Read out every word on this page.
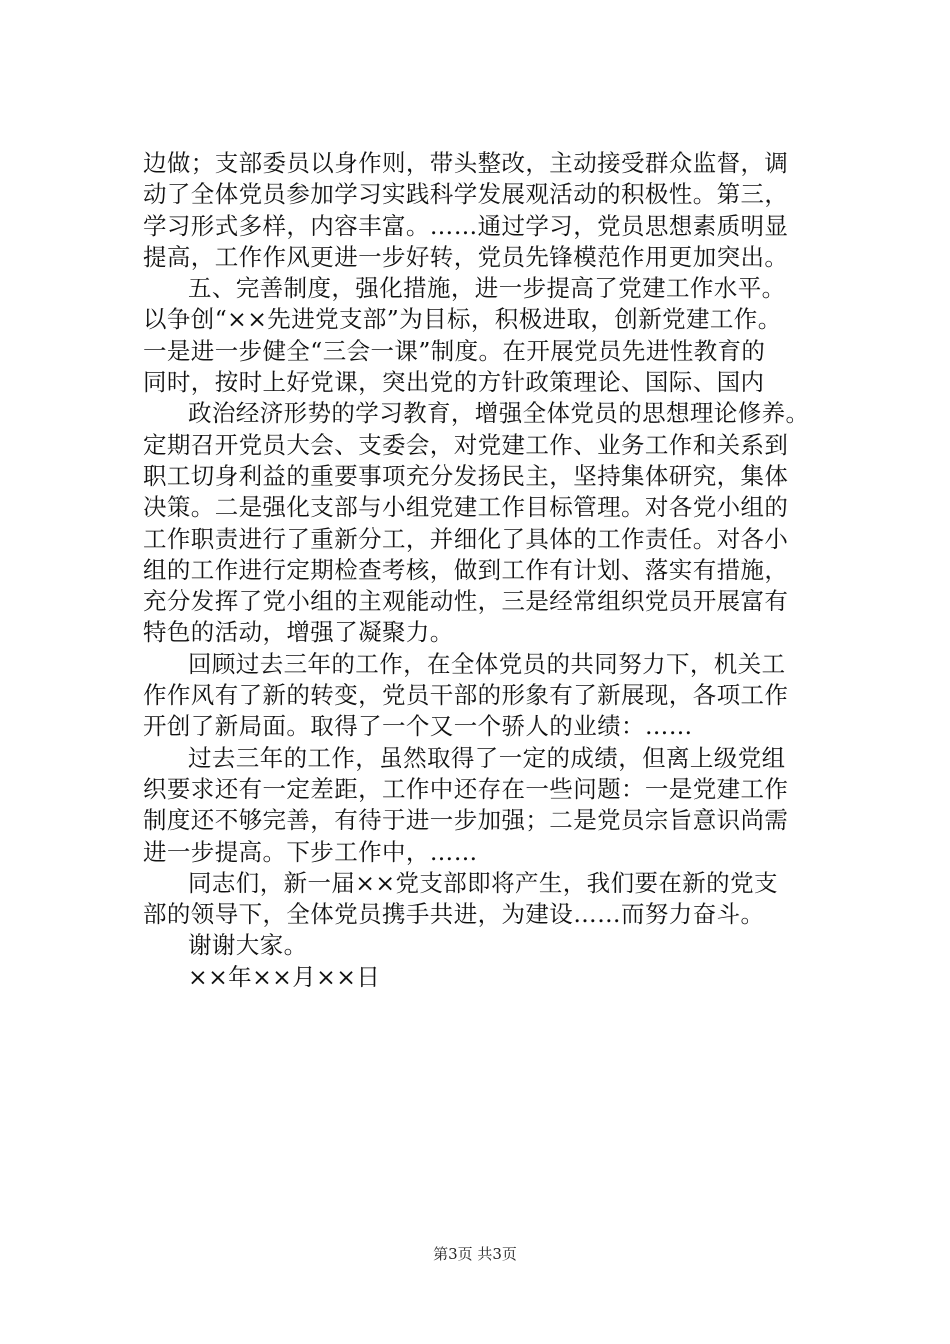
边做；支部委员以身作则，带头整改，主动接受群众监督，调
动了全体党员参加学习实践科学发展观活动的积极性。第三，
学习形式多样，内容丰富。……通过学习，党员思想素质明显
提高，工作作风更进一步好转，党员先锋模范作用更加突出。
五、完善制度，强化措施，进一步提高了党建工作水平。
以争创“××先进党支部”为目标，积极进取，创新党建工作。
一是进一步健全“三会一课”制度。在开展党员先进性教育的
同时，按时上好党课，突出党的方针政策理论、国际、国内
政治经济形势的学习教育，增强全体党员的思想理论修养。
定期召开党员大会、支委会，对党建工作、业务工作和关系到
职工切身利益的重要事项充分发扬民主，坚持集体研究，集体
决策。二是强化支部与小组党建工作目标管理。对各党小组的
工作职责进行了重新分工，并细化了具体的工作责任。对各小
组的工作进行定期检查考核，做到工作有计划、落实有措施，
充分发挥了党小组的主观能动性，三是经常组织党员开展富有
特色的活动，增强了凝聚力。
回顾过去三年的工作，在全体党员的共同努力下，机关工
作作风有了新的转变，党员干部的形象有了新展现，各项工作
开创了新局面。取得了一个又一个骄人的业绩：……
过去三年的工作，虽然取得了一定的成绩，但离上级党组
织要求还有一定差距，工作中还存在一些问题：一是党建工作
制度还不够完善，有待于进一步加强；二是党员宗旨意识尚需
进一步提高。下步工作中，……
同志们，新一届××党支部即将产生，我们要在新的党支
部的领导下，全体党员携手共进，为建设……而努力奋斗。
谢谢大家。
××年××月××日
第3页 共3页
